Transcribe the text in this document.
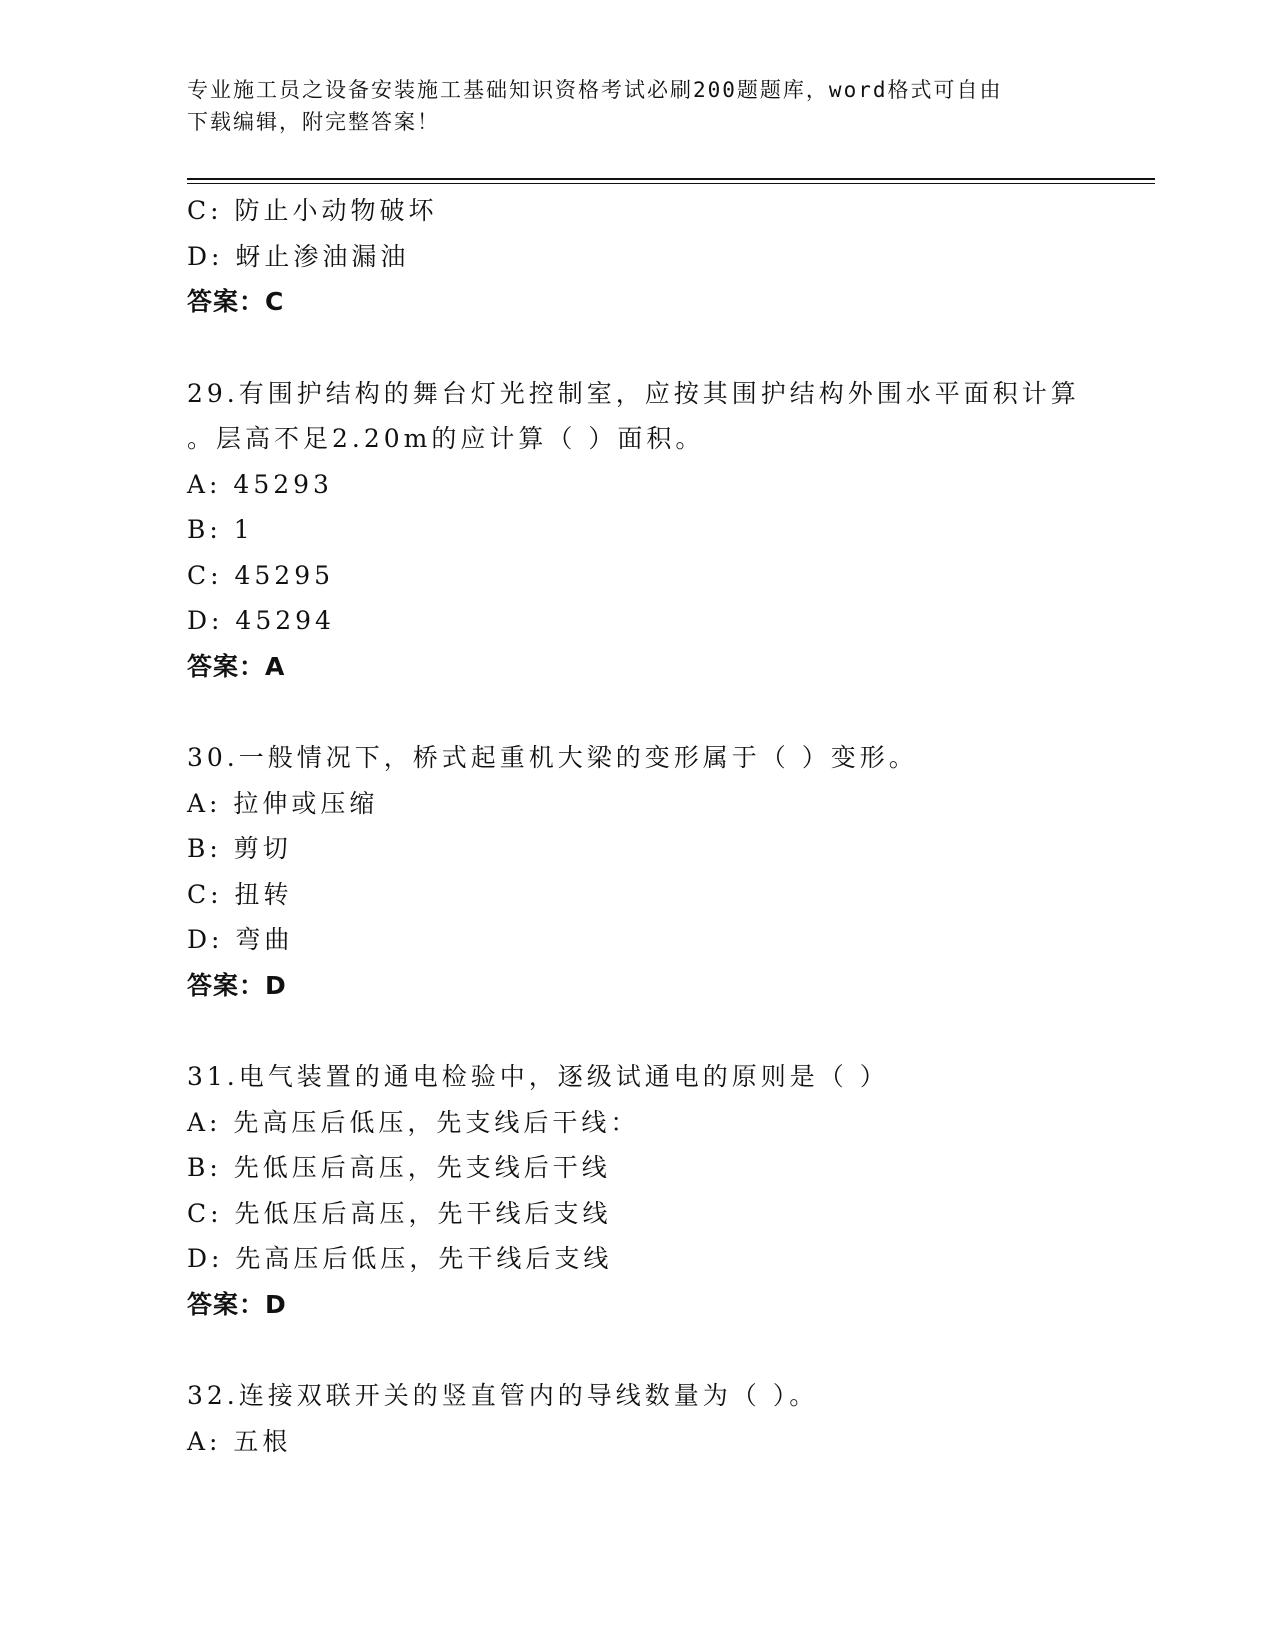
专业施工员之设备安装施工基础知识资格考试必刷200题题库，word格式可自由
下载编辑，附完整答案！
C: 防止小动物破坏
D: 蚜止渗油漏油
答案：C
29.有围护结构的舞台灯光控制室，应按其围护结构外围水平面积计算
。层高不足2.20m的应计算（ ）面积。
A: 45293
B: 1
C: 45295
D: 45294
答案：A
30.一般情况下，桥式起重机大梁的变形属于（ ）变形。
A: 拉伸或压缩
B: 剪切
C: 扭转
D: 弯曲
答案：D
31.电气装置的通电检验中，逐级试通电的原则是（ ）
A: 先高压后低压，先支线后干线：
B: 先低压后高压，先支线后干线
C: 先低压后高压，先干线后支线
D: 先高压后低压，先干线后支线
答案：D
32.连接双联开关的竖直管内的导线数量为（ ）。
A: 五根
